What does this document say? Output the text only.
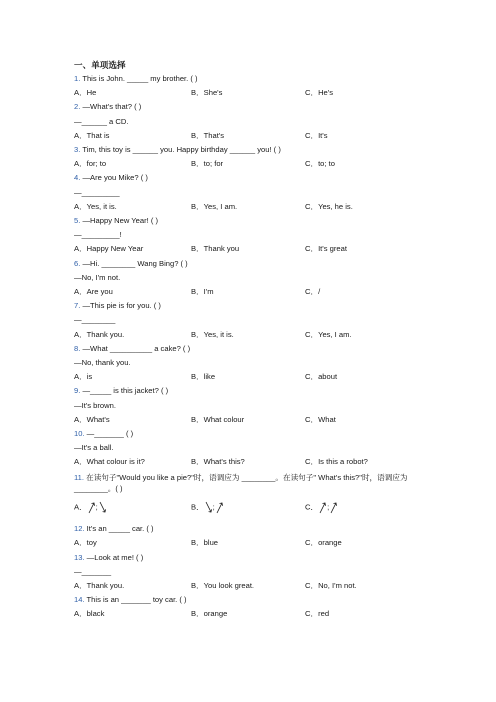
一、单项选择
1. This is John. _____ my brother. ( )
A．He	B．She's	C．He's
2. —What's that? ( )
—______ a CD.
A．That is	B．That's	C．It's
3. Tim, this toy is ______ you. Happy birthday ______ you! ( )
A．for; to	B．to; for	C．to; to
4. —Are you Mike? ( )
—_________
A．Yes, it is.	B．Yes, I am.	C．Yes, he is.
5. —Happy New Year! ( )
—_________!
A．Happy New Year	B．Thank you	C．It's great
6. —Hi. ________ Wang Bing? ( )
—No, I'm not.
A．Are you	B．I'm	C．/
7. —This pie is for you. ( )
—________
A．Thank you.	B．Yes, it is.	C．Yes, I am.
8. —What __________ a cake? ( )
—No, thank you.
A．is	B．like	C．about
9. —_____ is this jacket? ( )
—It's brown.
A．What's	B．What colour	C．What
10. —_______ ( )
—It's a ball.
A．What colour is it?	B．What's this?	C．Is this a robot?
11. 在读句子"Would you like a pie?"时，语调应为 ________。在读句子" What's this?"时，语调应为________。( )
A． ;	B． ;	C． ;
12. It's an _____ car. ( )
A．toy	B．blue	C．orange
13. —Look at me! ( )
—_______
A．Thank you.	B．You look great.	C．No, I'm not.
14. This is an _______ toy car. ( )
A．black	B．orange	C．red
